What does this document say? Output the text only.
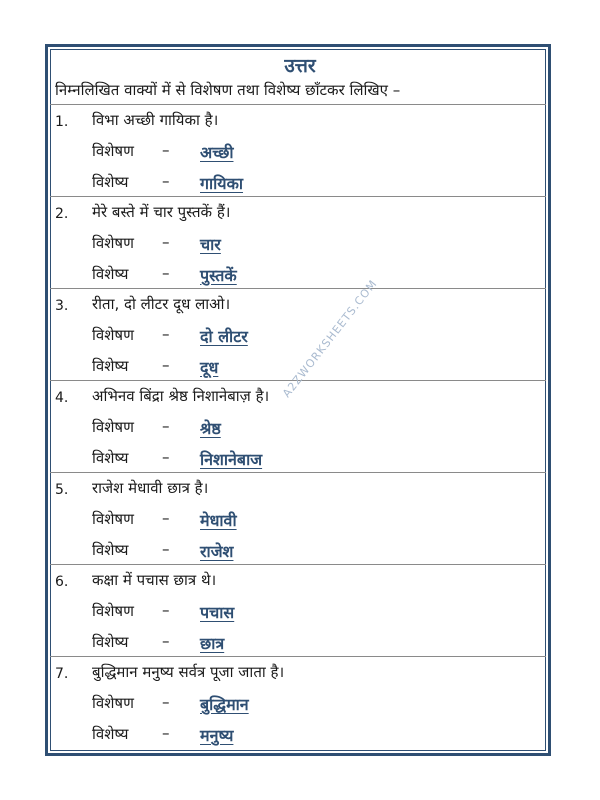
उत्तर
निम्नलिखित वाक्यों में से विशेषण तथा विशेष्य छाँटकर लिखिए –
1. विभा अच्छी गायिका है।
विशेषण – अच्छी
विशेष्य – गायिका
2. मेरे बस्ते में चार पुस्तकें हैं।
विशेषण – चार
विशेष्य – पुस्तकें
3. रीता, दो लीटर दूध लाओ।
विशेषण – दो लीटर
विशेष्य – दूध
4. अभिनव बिंद्रा श्रेष्ठ निशानेबाज़ है।
विशेषण – श्रेष्ठ
विशेष्य – निशानेबाज
5. राजेश मेधावी छात्र है।
विशेषण – मेधावी
विशेष्य – राजेश
6. कक्षा में पचास छात्र थे।
विशेषण – पचास
विशेष्य – छात्र
7. बुद्धिमान मनुष्य सर्वत्र पूजा जाता है।
विशेषण – बुद्धिमान
विशेष्य – मनुष्य
A2ZWORKSHEETS.COM
